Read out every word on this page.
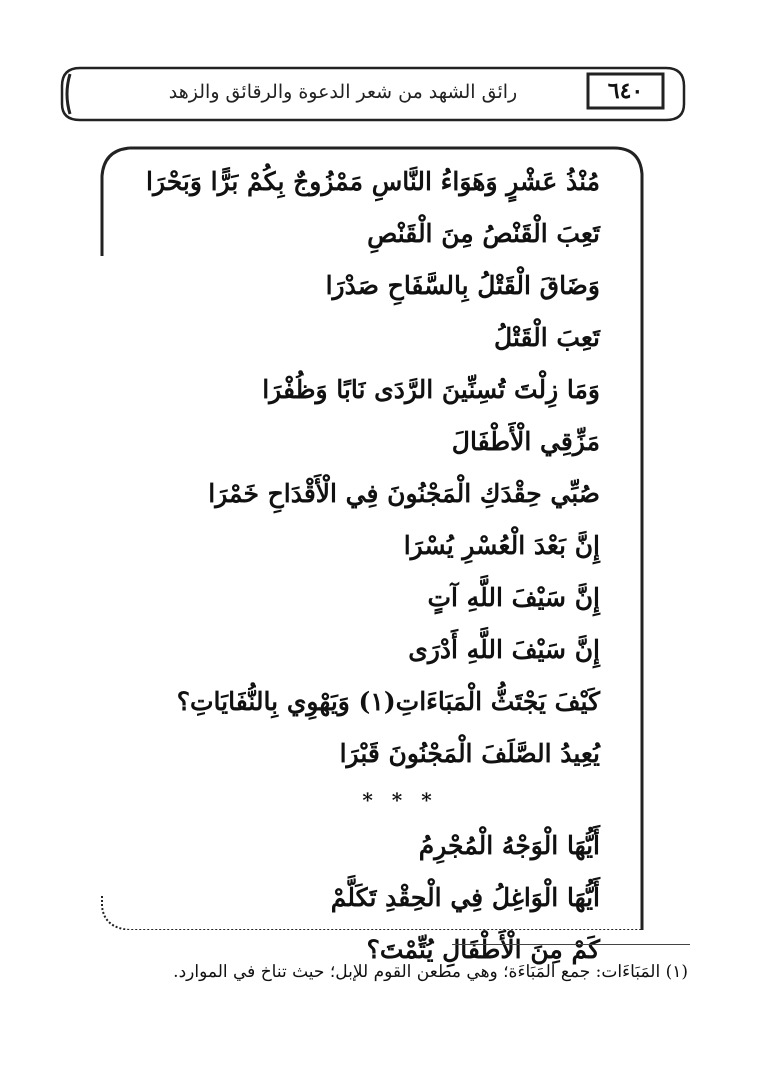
رائق الشهد من شعر الدعوة والرقائق والزهد	٦٤٠
مُنْذُ عَشْرٍ وَهَوَاءُ النَّاسِ مَمْزُوجٌ بِكُمْ بَرًّا وَبَحْرَا
تَعِبَ الْقَنْصُ مِنَ الْقَنْصِ
وَضَاقَ الْقَتْلُ بِالسَّفَاحِ صَدْرَا
تَعِبَ الْقَتْلُ
وَمَا زِلْتَ تُسِنِّينَ الرَّدَى نَابًا وَظُفْرَا
مَزِّقِي الْأَطْفَالَ
صُبِّي حِقْدَكِ الْمَجْنُونَ فِي الْأَقْدَاحِ خَمْرَا
إِنَّ بَعْدَ الْعُسْرِ يُسْرَا
إِنَّ سَيْفَ اللَّهِ آتٍ
إِنَّ سَيْفَ اللَّهِ أَدْرَى
كَيْفَ يَجْتَثُّ الْمَبَاءَاتِ(١) وَيَهْوِي بِالنُّفَايَاتِ؟
يُعِيدُ الصَّلَفَ الْمَجْنُونَ قَبْرَا
* * *
أَيُّهَا الْوَجْهُ الْمُجْرِمُ
أَيُّهَا الْوَاغِلُ فِي الْحِقْدِ تَكَلَّمْ
كَمْ مِنَ الْأَطْفَالِ يُتِّمْتَ؟
(١) المَبَاءَات: جمع المَبَاءَة؛ وهي مطعن القوم للإبل؛ حيث تناخ في الموارد.
